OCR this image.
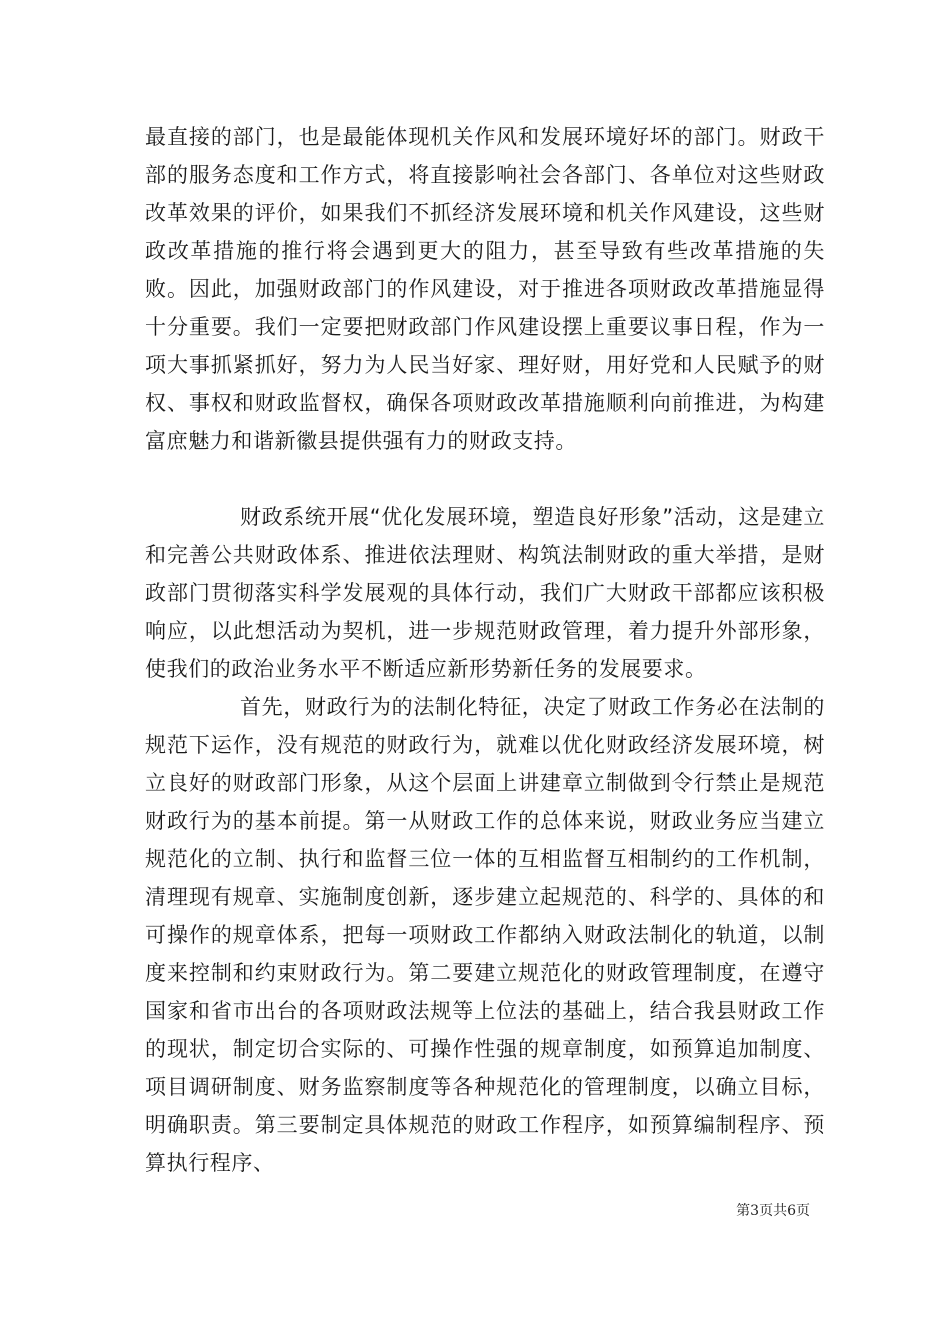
最直接的部门，也是最能体现机关作风和发展环境好坏的部门。财政干部的服务态度和工作方式，将直接影响社会各部门、各单位对这些财政改革效果的评价，如果我们不抓经济发展环境和机关作风建设，这些财政改革措施的推行将会遇到更大的阻力，甚至导致有些改革措施的失败。因此，加强财政部门的作风建设，对于推进各项财政改革措施显得十分重要。我们一定要把财政部门作风建设摆上重要议事日程，作为一项大事抓紧抓好，努力为人民当好家、理好财，用好党和人民赋予的财权、事权和财政监督权，确保各项财政改革措施顺利向前推进，为构建富庶魅力和谐新徽县提供强有力的财政支持。

财政系统开展“优化发展环境，塑造良好形象”活动，这是建立和完善公共财政体系、推进依法理财、构筑法制财政的重大举措，是财政部门贯彻落实科学发展观的具体行动，我们广大财政干部都应该积极响应，以此想活动为契机，进一步规范财政管理，着力提升外部形象，使我们的政治业务水平不断适应新形势新任务的发展要求。

首先，财政行为的法制化特征，决定了财政工作务必在法制的规范下运作，没有规范的财政行为，就难以优化财政经济发展环境，树立良好的财政部门形象，从这个层面上讲建章立制做到令行禁止是规范财政行为的基本前提。第一从财政工作的总体来说，财政业务应当建立规范化的立制、执行和监督三位一体的互相监督互相制约的工作机制，清理现有规章、实施制度创新，逐步建立起规范的、科学的、具体的和可操作的规章体系，把每一项财政工作都纳入财政法制化的轨道，以制度来控制和约束财政行为。第二要建立规范化的财政管理制度，在遵守国家和省市出台的各项财政法规等上位法的基础上，结合我县财政工作的现状，制定切合实际的、可操作性强的规章制度，如预算追加制度、项目调研制度、财务监察制度等各种规范化的管理制度，以确立目标，明确职责。第三要制定具体规范的财政工作程序，如预算编制程序、预算执行程序、

第3页共6页
